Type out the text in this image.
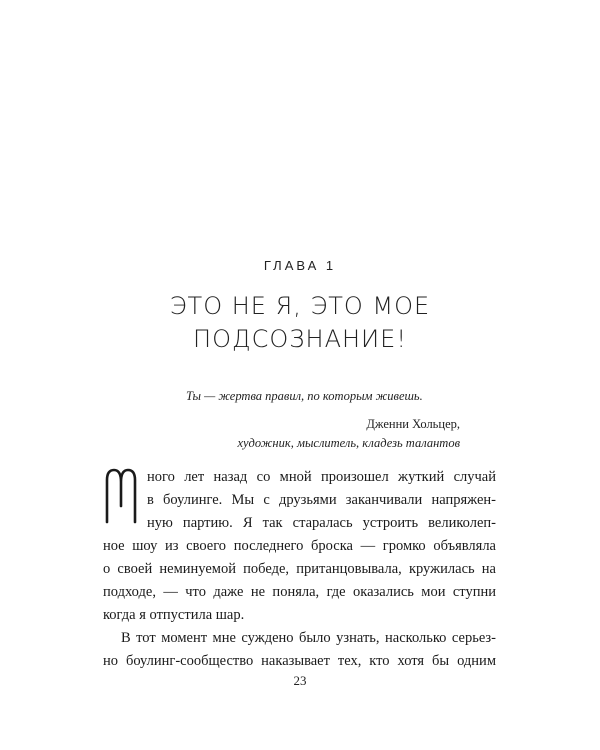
ГЛАВА 1
ЭТО НЕ Я, ЭТО МОЕ
ПОДСОЗНАНИЕ!
Ты — жертва правил, по которым живешь.
Дженни Хольцер,
художник, мыслитель, кладезь талантов
ного лет назад со мной произошел жуткий случай
в боулинге. Мы с друзьями заканчивали напряжен-
ную партию. Я так старалась устроить великолеп-
ное шоу из своего последнего броска — громко объявляла
о своей неминуемой победе, пританцовывала, кружилась на
подходе, — что даже не поняла, где оказались мои ступни
когда я отпустила шар.
В тот момент мне суждено было узнать, насколько серьез-
но боулинг-сообщество наказывает тех, кто хотя бы одним
23
